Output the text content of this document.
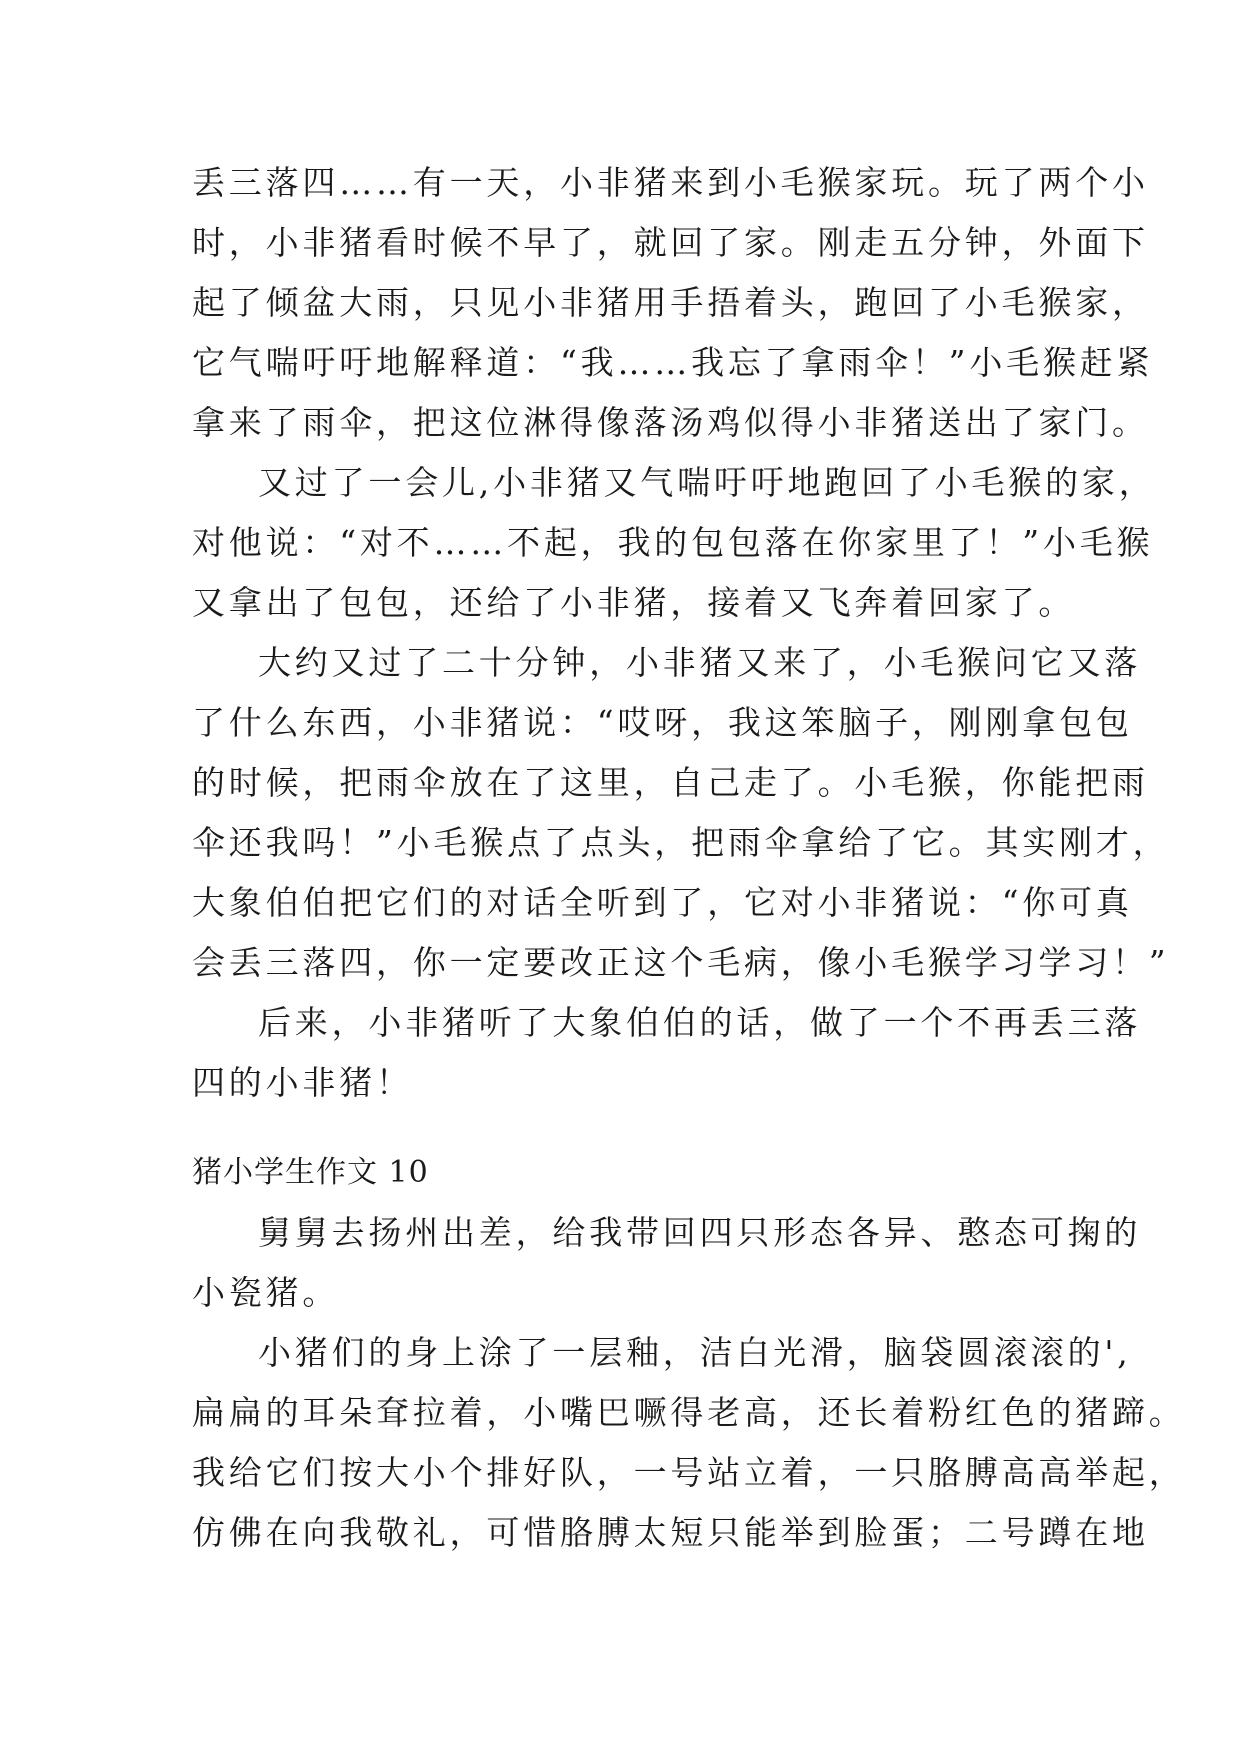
丢三落四……有一天，小非猪来到小毛猴家玩。玩了两个小
时，小非猪看时候不早了，就回了家。刚走五分钟，外面下
起了倾盆大雨，只见小非猪用手捂着头，跑回了小毛猴家，
它气喘吁吁地解释道：“我……我忘了拿雨伞！”小毛猴赶紧
拿来了雨伞，把这位淋得像落汤鸡似得小非猪送出了家门。
又过了一会儿,小非猪又气喘吁吁地跑回了小毛猴的家，
对他说：“对不……不起，我的包包落在你家里了！”小毛猴
又拿出了包包，还给了小非猪，接着又飞奔着回家了。
大约又过了二十分钟，小非猪又来了，小毛猴问它又落
了什么东西，小非猪说：“哎呀，我这笨脑子，刚刚拿包包
的时候，把雨伞放在了这里，自己走了。小毛猴，你能把雨
伞还我吗！”小毛猴点了点头，把雨伞拿给了它。其实刚才，
大象伯伯把它们的对话全听到了，它对小非猪说：“你可真
会丢三落四，你一定要改正这个毛病，像小毛猴学习学习！”
后来，小非猪听了大象伯伯的话，做了一个不再丢三落
四的小非猪！
猪小学生作文 10
舅舅去扬州出差，给我带回四只形态各异、憨态可掬的
小瓷猪。
小猪们的身上涂了一层釉，洁白光滑，脑袋圆滚滚的',
扁扁的耳朵耷拉着，小嘴巴噘得老高，还长着粉红色的猪蹄。
我给它们按大小个排好队，一号站立着，一只胳膊高高举起，
仿佛在向我敬礼，可惜胳膊太短只能举到脸蛋；二号蹲在地
